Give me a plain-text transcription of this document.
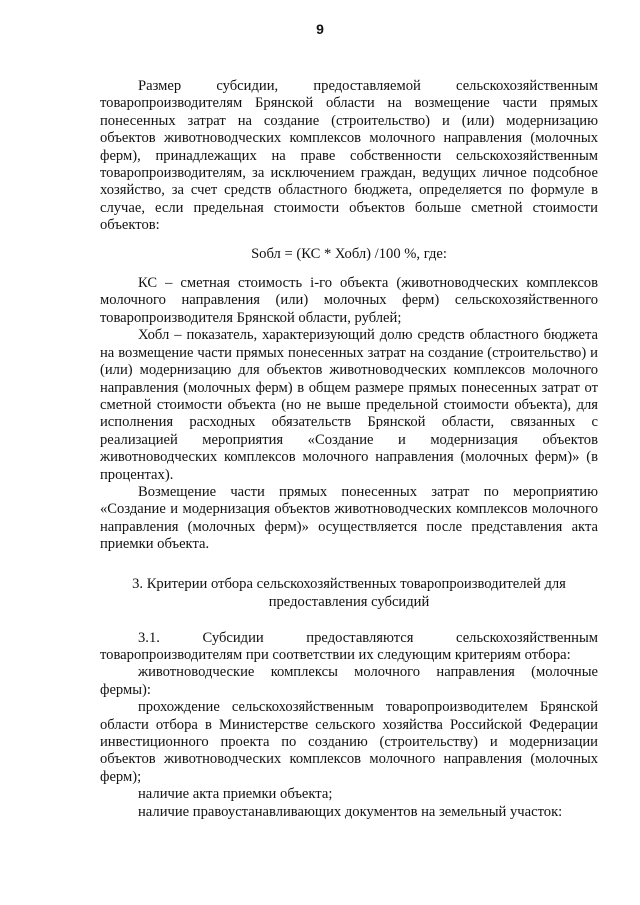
9

Размер субсидии, предоставляемой сельскохозяйственным товаропроизводителям Брянской области на возмещение части прямых понесенных затрат на создание (строительство) и (или) модернизацию объектов животноводческих комплексов молочного направления (молочных ферм), принадлежащих на праве собственности сельскохозяйственным товаропроизводителям, за исключением граждан, ведущих личное подсобное хозяйство, за счет средств областного бюджета, определяется по формуле в случае, если предельная стоимости объектов больше сметной стоимости объектов:

Sобл = (КС * Хобл) /100 %, где:

КС – сметная стоимость i-го объекта (животноводческих комплексов молочного направления (или) молочных ферм) сельскохозяйственного товаропроизводителя Брянской области, рублей;

Хобл – показатель, характеризующий долю средств областного бюджета на возмещение части прямых понесенных затрат на создание (строительство) и (или) модернизацию для объектов животноводческих комплексов молочного направления (молочных ферм) в общем размере прямых понесенных затрат от сметной стоимости объекта (но не выше предельной стоимости объекта), для исполнения расходных обязательств Брянской области, связанных с реализацией мероприятия «Создание и модернизация объектов животноводческих комплексов молочного направления (молочных ферм)» (в процентах).

Возмещение части прямых понесенных затрат по мероприятию «Создание и модернизация объектов животноводческих комплексов молочного направления (молочных ферм)» осуществляется после представления акта приемки объекта.

3. Критерии отбора сельскохозяйственных товаропроизводителей для
предоставления субсидий

3.1. Субсидии предоставляются сельскохозяйственным товаропроизводителям при соответствии их следующим критериям отбора:

животноводческие комплексы молочного направления (молочные фермы):

прохождение сельскохозяйственным товаропроизводителем Брянской области отбора в Министерстве сельского хозяйства Российской Федерации инвестиционного проекта по созданию (строительству) и модернизации объектов животноводческих комплексов молочного направления (молочных ферм);

наличие акта приемки объекта;

наличие правоустанавливающих документов на земельный участок:
